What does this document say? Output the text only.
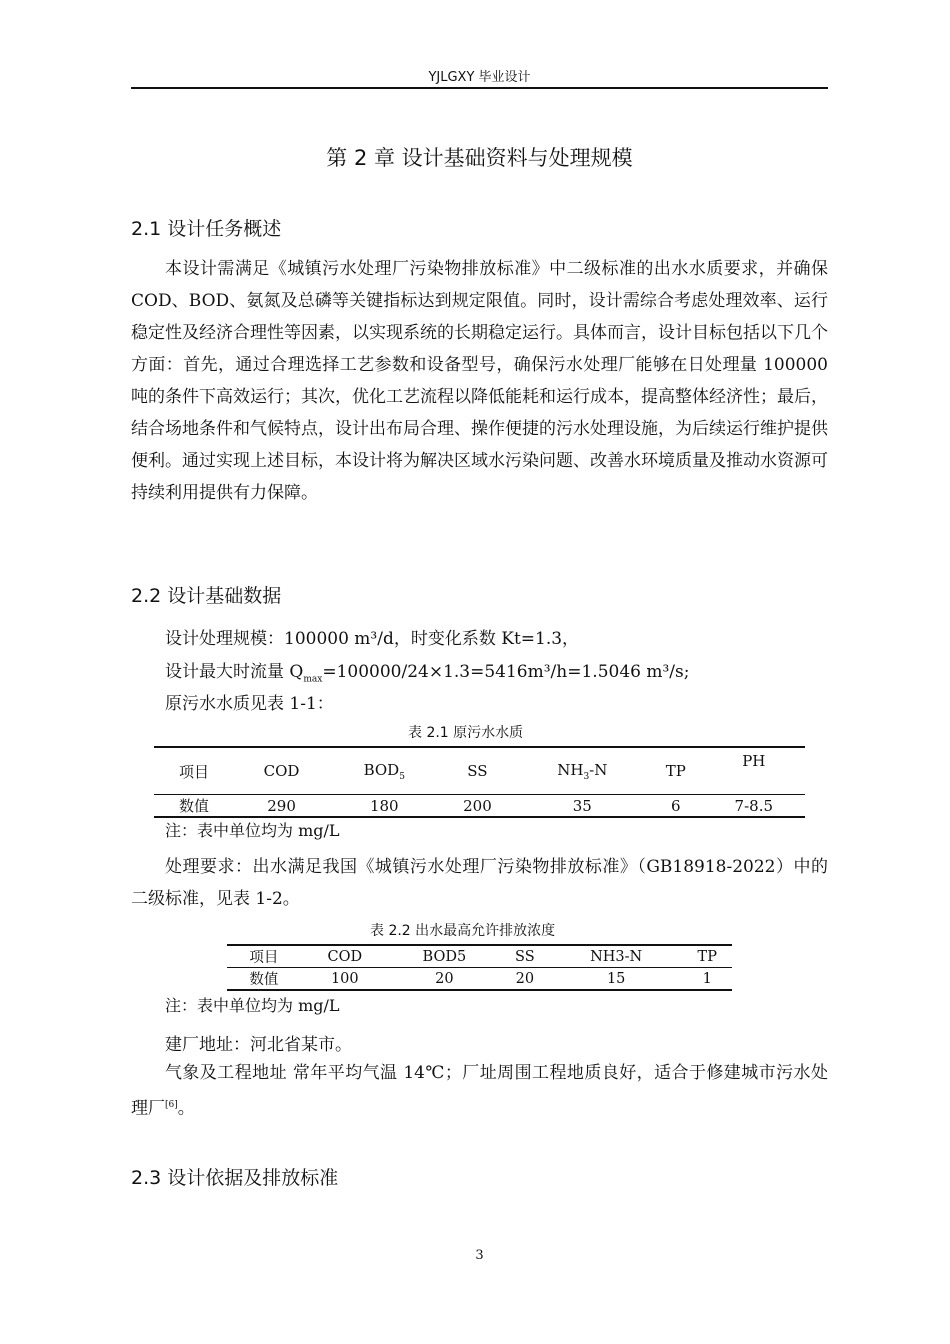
YJLGXY 毕业设计
第 2 章 设计基础资料与处理规模
2.1 设计任务概述
本设计需满足《城镇污水处理厂污染物排放标准》中二级标准的出水水质要求，并确保 COD、BOD、氨氮及总磷等关键指标达到规定限值。同时，设计需综合考虑处理效率、运行稳定性及经济合理性等因素，以实现系统的长期稳定运行。具体而言，设计目标包括以下几个方面：首先，通过合理选择工艺参数和设备型号，确保污水处理厂能够在日处理量 100000 吨的条件下高效运行；其次，优化工艺流程以降低能耗和运行成本，提高整体经济性；最后，结合场地条件和气候特点，设计出布局合理、操作便捷的污水处理设施，为后续运行维护提供便利。通过实现上述目标，本设计将为解决区域水污染问题、改善水环境质量及推动水资源可持续利用提供有力保障。
2.2 设计基础数据
设计处理规模：100000 m³/d，时变化系数 Kt=1.3，
设计最大时流量 $Q_{max}=100000/24\times 1.3=5416m^3/h=1.5046$ m³/s;
原污水水质见表 1-1：
表 2.1 原污水水质
项目	COD	$BOD_5$	SS	$NH_3-N$	TP	PH
数值	290	180	200	35	6	7-8.5
注：表中单位均为 mg/L
处理要求：出水满足我国《城镇污水处理厂污染物排放标准》（GB18918-2022）中的二级标准，见表 1-2。
表 2.2 出水最高允许排放浓度
项目	COD	BOD5	SS	NH3-N	TP
数值	100	20	20	15	1
注：表中单位均为 mg/L
建厂地址：河北省某市。
气象及工程地址 常年平均气温 14℃；厂址周围工程地质良好，适合于修建城市污水处理厂[6]。
2.3 设计依据及排放标准
3
